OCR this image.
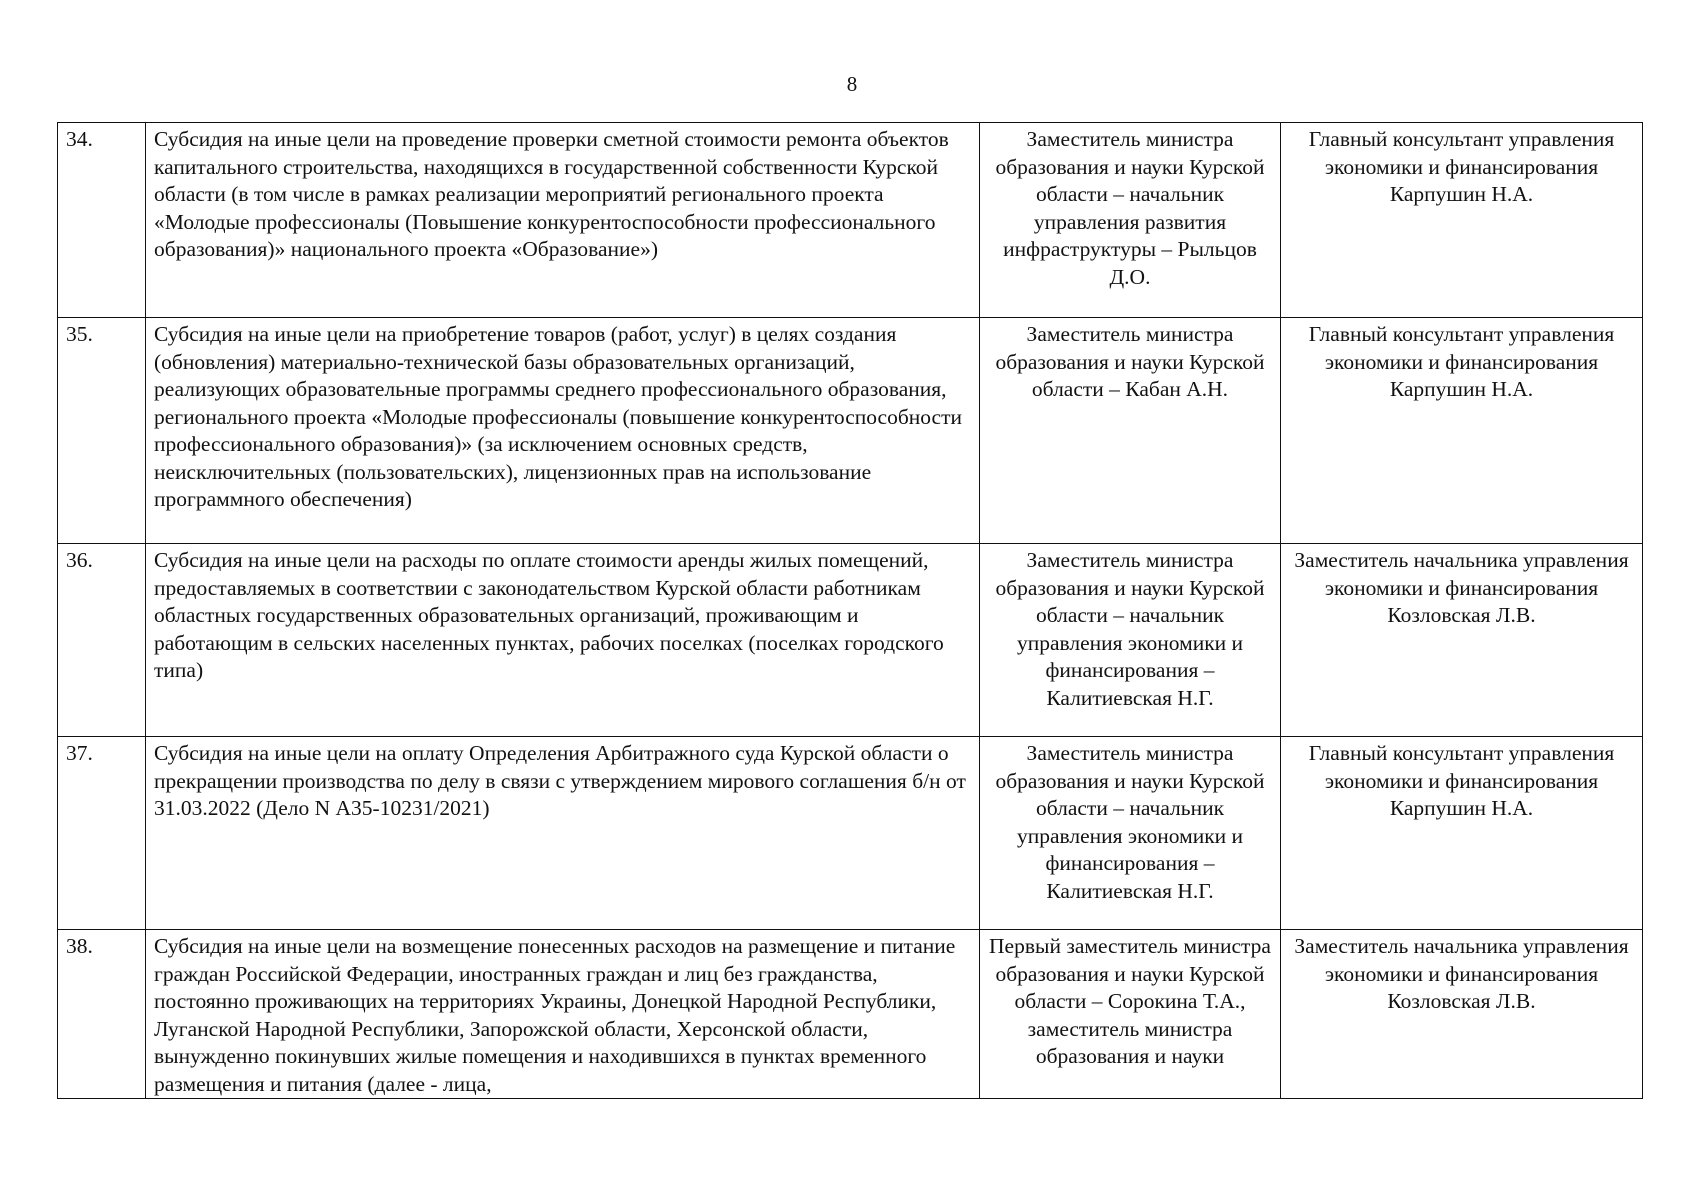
8
34.	Субсидия на иные цели на проведение проверки сметной стоимости ремонта объектов капитального строительства, находящихся в государственной собственности Курской области (в том числе в рамках реализации мероприятий регионального проекта «Молодые профессионалы (Повышение конкурентоспособности профессионального образования)» национального проекта «Образование»)	Заместитель министра образования и науки Курской области – начальник управления развития инфраструктуры – Рыльцов Д.О.	Главный консультант управления экономики и финансирования Карпушин Н.А.
35.	Субсидия на иные цели на приобретение товаров (работ, услуг) в целях создания (обновления) материально-технической базы образовательных организаций, реализующих образовательные программы среднего профессионального образования, регионального проекта «Молодые профессионалы (повышение конкурентоспособности профессионального образования)» (за исключением основных средств, неисключительных (пользовательских), лицензионных прав на использование программного обеспечения)	Заместитель министра образования и науки Курской области – Кабан А.Н.	Главный консультант управления экономики и финансирования Карпушин Н.А.
36.	Субсидия на иные цели на расходы по оплате стоимости аренды жилых помещений, предоставляемых в соответствии с законодательством Курской области работникам областных государственных образовательных организаций, проживающим и работающим в сельских населенных пунктах, рабочих поселках (поселках городского типа)	Заместитель министра образования и науки Курской области – начальник управления экономики и финансирования – Калитиевская Н.Г.	Заместитель начальника управления экономики и финансирования Козловская Л.В.
37.	Субсидия на иные цели на оплату Определения Арбитражного суда Курской области о прекращении производства по делу в связи с утверждением мирового соглашения б/н от 31.03.2022 (Дело N А35-10231/2021)	Заместитель министра образования и науки Курской области – начальник управления экономики и финансирования – Калитиевская Н.Г.	Главный консультант управления экономики и финансирования Карпушин Н.А.
38.	Субсидия на иные цели на возмещение понесенных расходов на размещение и питание граждан Российской Федерации, иностранных граждан и лиц без гражданства, постоянно проживающих на территориях Украины, Донецкой Народной Республики, Луганской Народной Республики, Запорожской области, Херсонской области, вынужденно покинувших жилые помещения и находившихся в пунктах временного размещения и питания (далее - лица,	Первый заместитель министра образования и науки Курской области – Сорокина Т.А., заместитель министра образования и науки	Заместитель начальника управления экономики и финансирования Козловская Л.В.
